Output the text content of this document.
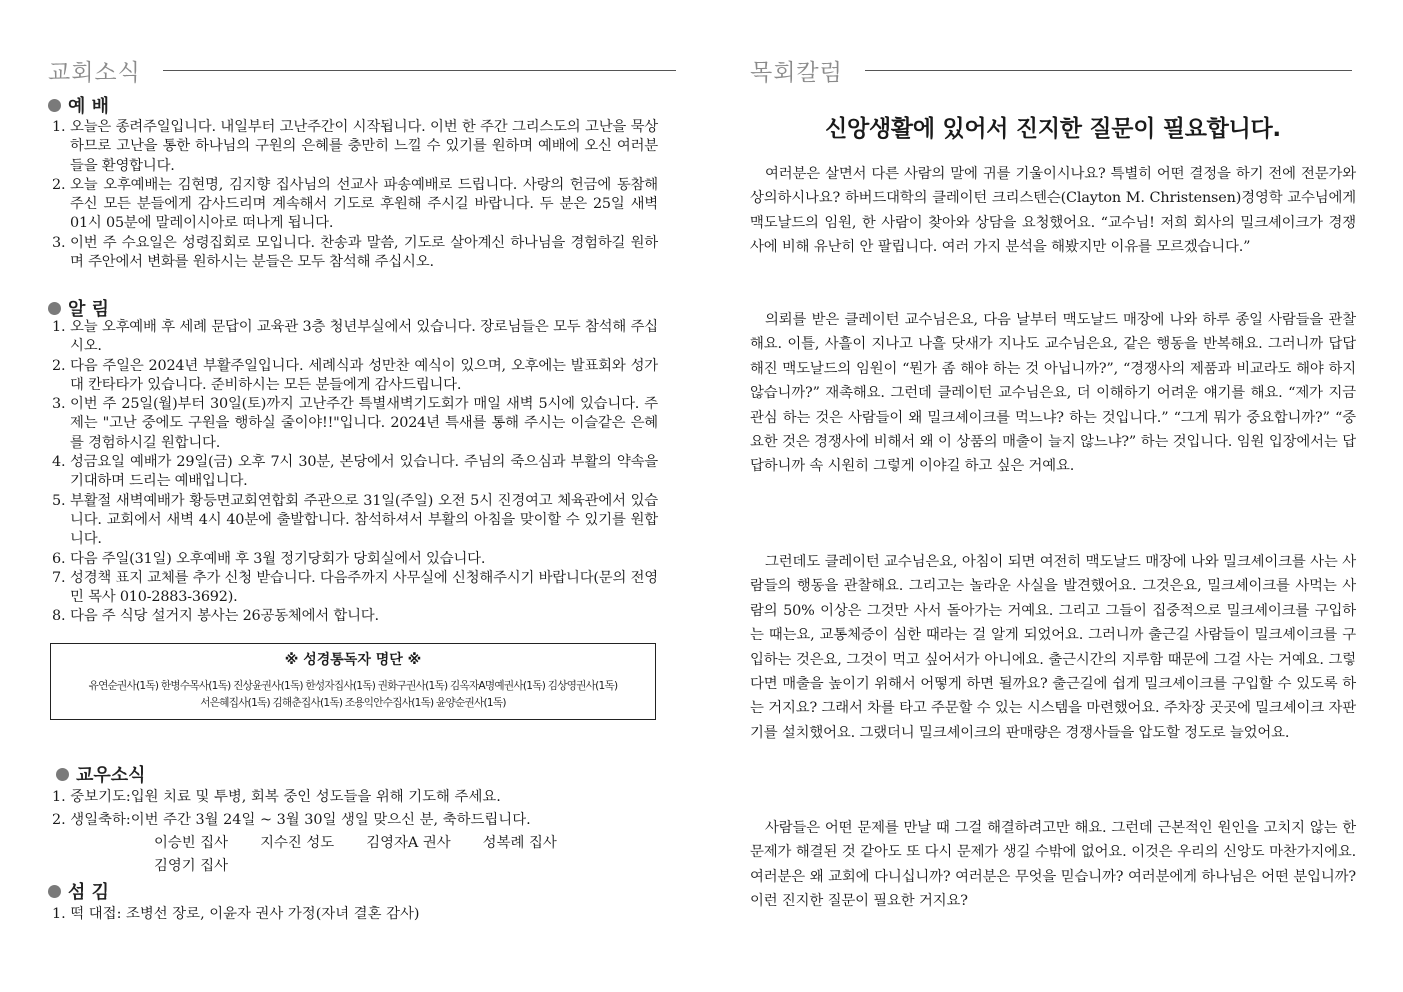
교회소식
예 배
1. 오늘은 종려주일입니다. 내일부터 고난주간이 시작됩니다. 이번 한 주간 그리스도의 고난을 묵상하므로 고난을 통한 하나님의 구원의 은혜를 충만히 느낄 수 있기를 원하며 예배에 오신 여러분들을 환영합니다.
2. 오늘 오후예배는 김현명, 김지향 집사님의 선교사 파송예배로 드립니다. 사랑의 헌금에 동참해 주신 모든 분들에게 감사드리며 계속해서 기도로 후원해 주시길 바랍니다. 두 분은 25일 새벽 01시 05분에 말레이시아로 떠나게 됩니다.
3. 이번 주 수요일은 성령집회로 모입니다. 찬송과 말씀, 기도로 살아계신 하나님을 경험하길 원하며 주안에서 변화를 원하시는 분들은 모두 참석해 주십시오.
알 림
1. 오늘 오후예배 후 세례 문답이 교육관 3층 청년부실에서 있습니다. 장로님들은 모두 참석해 주십시오.
2. 다음 주일은 2024년 부활주일입니다. 세례식과 성만찬 예식이 있으며, 오후에는 발표회와 성가대 칸타타가 있습니다. 준비하시는 모든 분들에게 감사드립니다.
3. 이번 주 25일(월)부터 30일(토)까지 고난주간 특별새벽기도회가 매일 새벽 5시에 있습니다. 주제는 "고난 중에도 구원을 행하실 줄이야!!"입니다. 2024년 특새를 통해 주시는 이슬같은 은혜를 경험하시길 원합니다.
4. 성금요일 예배가 29일(금) 오후 7시 30분, 본당에서 있습니다. 주님의 죽으심과 부활의 약속을 기대하며 드리는 예배입니다.
5. 부활절 새벽예배가 황등면교회연합회 주관으로 31일(주일) 오전 5시 진경여고 체육관에서 있습니다. 교회에서 새벽 4시 40분에 출발합니다. 참석하셔서 부활의 아침을 맞이할 수 있기를 원합니다.
6. 다음 주일(31일) 오후예배 후 3월 정기당회가 당회실에서 있습니다.
7. 성경책 표지 교체를 추가 신청 받습니다. 다음주까지 사무실에 신청해주시기 바랍니다(문의 전영민 목사 010-2883-3692).
8. 다음 주 식당 설거지 봉사는 26공동체에서 합니다.
※ 성경통독자 명단 ※
유연순권사(1독) 한병수목사(1독) 진상윤권사(1독) 한성자집사(1독) 권화구권사(1독) 김옥자A명예권사(1독) 김상영권사(1독)
서은혜집사(1독) 김해춘집사(1독) 조용익안수집사(1독) 윤양순권사(1독)
교우소식
1. 중보기도:입원 치료 및 투병, 회복 중인 성도들을 위해 기도해 주세요.
2. 생일축하:이번 주간 3월 24일 ~ 3월 30일 생일 맞으신 분, 축하드립니다.
이승빈 집사 지수진 성도 김영자A 권사 성복례 집사
김영기 집사
섬 김
1. 떡 대접: 조병선 장로, 이윤자 권사 가정(자녀 결혼 감사)
목회칼럼
신앙생활에 있어서 진지한 질문이 필요합니다.

여러분은 살면서 다른 사람의 말에 귀를 기울이시나요? 특별히 어떤 결정을 하기 전에 전문가와 상의하시나요? 하버드대학의 클레이턴 크리스텐슨(Clayton M. Christensen)경영학 교수님에게 맥도날드의 임원, 한 사람이 찾아와 상담을 요청했어요. “교수님! 저희 회사의 밀크셰이크가 경쟁사에 비해 유난히 안 팔립니다. 여러 가지 분석을 해봤지만 이유를 모르겠습니다.”

의뢰를 받은 클레이턴 교수님은요, 다음 날부터 맥도날드 매장에 나와 하루 종일 사람들을 관찰해요. 이틀, 사흘이 지나고 나흘 닷새가 지나도 교수님은요, 같은 행동을 반복해요. 그러니까 답답해진 맥도날드의 임원이 “뭔가 좀 해야 하는 것 아닙니까?”, “경쟁사의 제품과 비교라도 해야 하지 않습니까?” 재촉해요. 그런데 클레이턴 교수님은요, 더 이해하기 어려운 얘기를 해요. “제가 지금 관심 하는 것은 사람들이 왜 밀크셰이크를 먹느냐? 하는 것입니다.” “그게 뭐가 중요합니까?” “중요한 것은 경쟁사에 비해서 왜 이 상품의 매출이 늘지 않느냐?” 하는 것입니다. 임원 입장에서는 답답하니까 속 시원히 그렇게 이야길 하고 싶은 거예요.

그런데도 클레이턴 교수님은요, 아침이 되면 여전히 맥도날드 매장에 나와 밀크셰이크를 사는 사람들의 행동을 관찰해요. 그리고는 놀라운 사실을 발견했어요. 그것은요, 밀크셰이크를 사먹는 사람의 50% 이상은 그것만 사서 돌아가는 거예요. 그리고 그들이 집중적으로 밀크셰이크를 구입하는 때는요, 교통체증이 심한 때라는 걸 알게 되었어요. 그러니까 출근길 사람들이 밀크셰이크를 구입하는 것은요, 그것이 먹고 싶어서가 아니에요. 출근시간의 지루함 때문에 그걸 사는 거예요. 그렇다면 매출을 높이기 위해서 어떻게 하면 될까요? 출근길에 쉽게 밀크셰이크를 구입할 수 있도록 하는 거지요? 그래서 차를 타고 주문할 수 있는 시스템을 마련했어요. 주차장 곳곳에 밀크셰이크 자판기를 설치했어요. 그랬더니 밀크셰이크의 판매량은 경쟁사들을 압도할 정도로 늘었어요.

사람들은 어떤 문제를 만날 때 그걸 해결하려고만 해요. 그런데 근본적인 원인을 고치지 않는 한 문제가 해결된 것 같아도 또 다시 문제가 생길 수밖에 없어요. 이것은 우리의 신앙도 마찬가지에요. 여러분은 왜 교회에 다니십니까? 여러분은 무엇을 믿습니까? 여러분에게 하나님은 어떤 분입니까? 이런 진지한 질문이 필요한 거지요?
